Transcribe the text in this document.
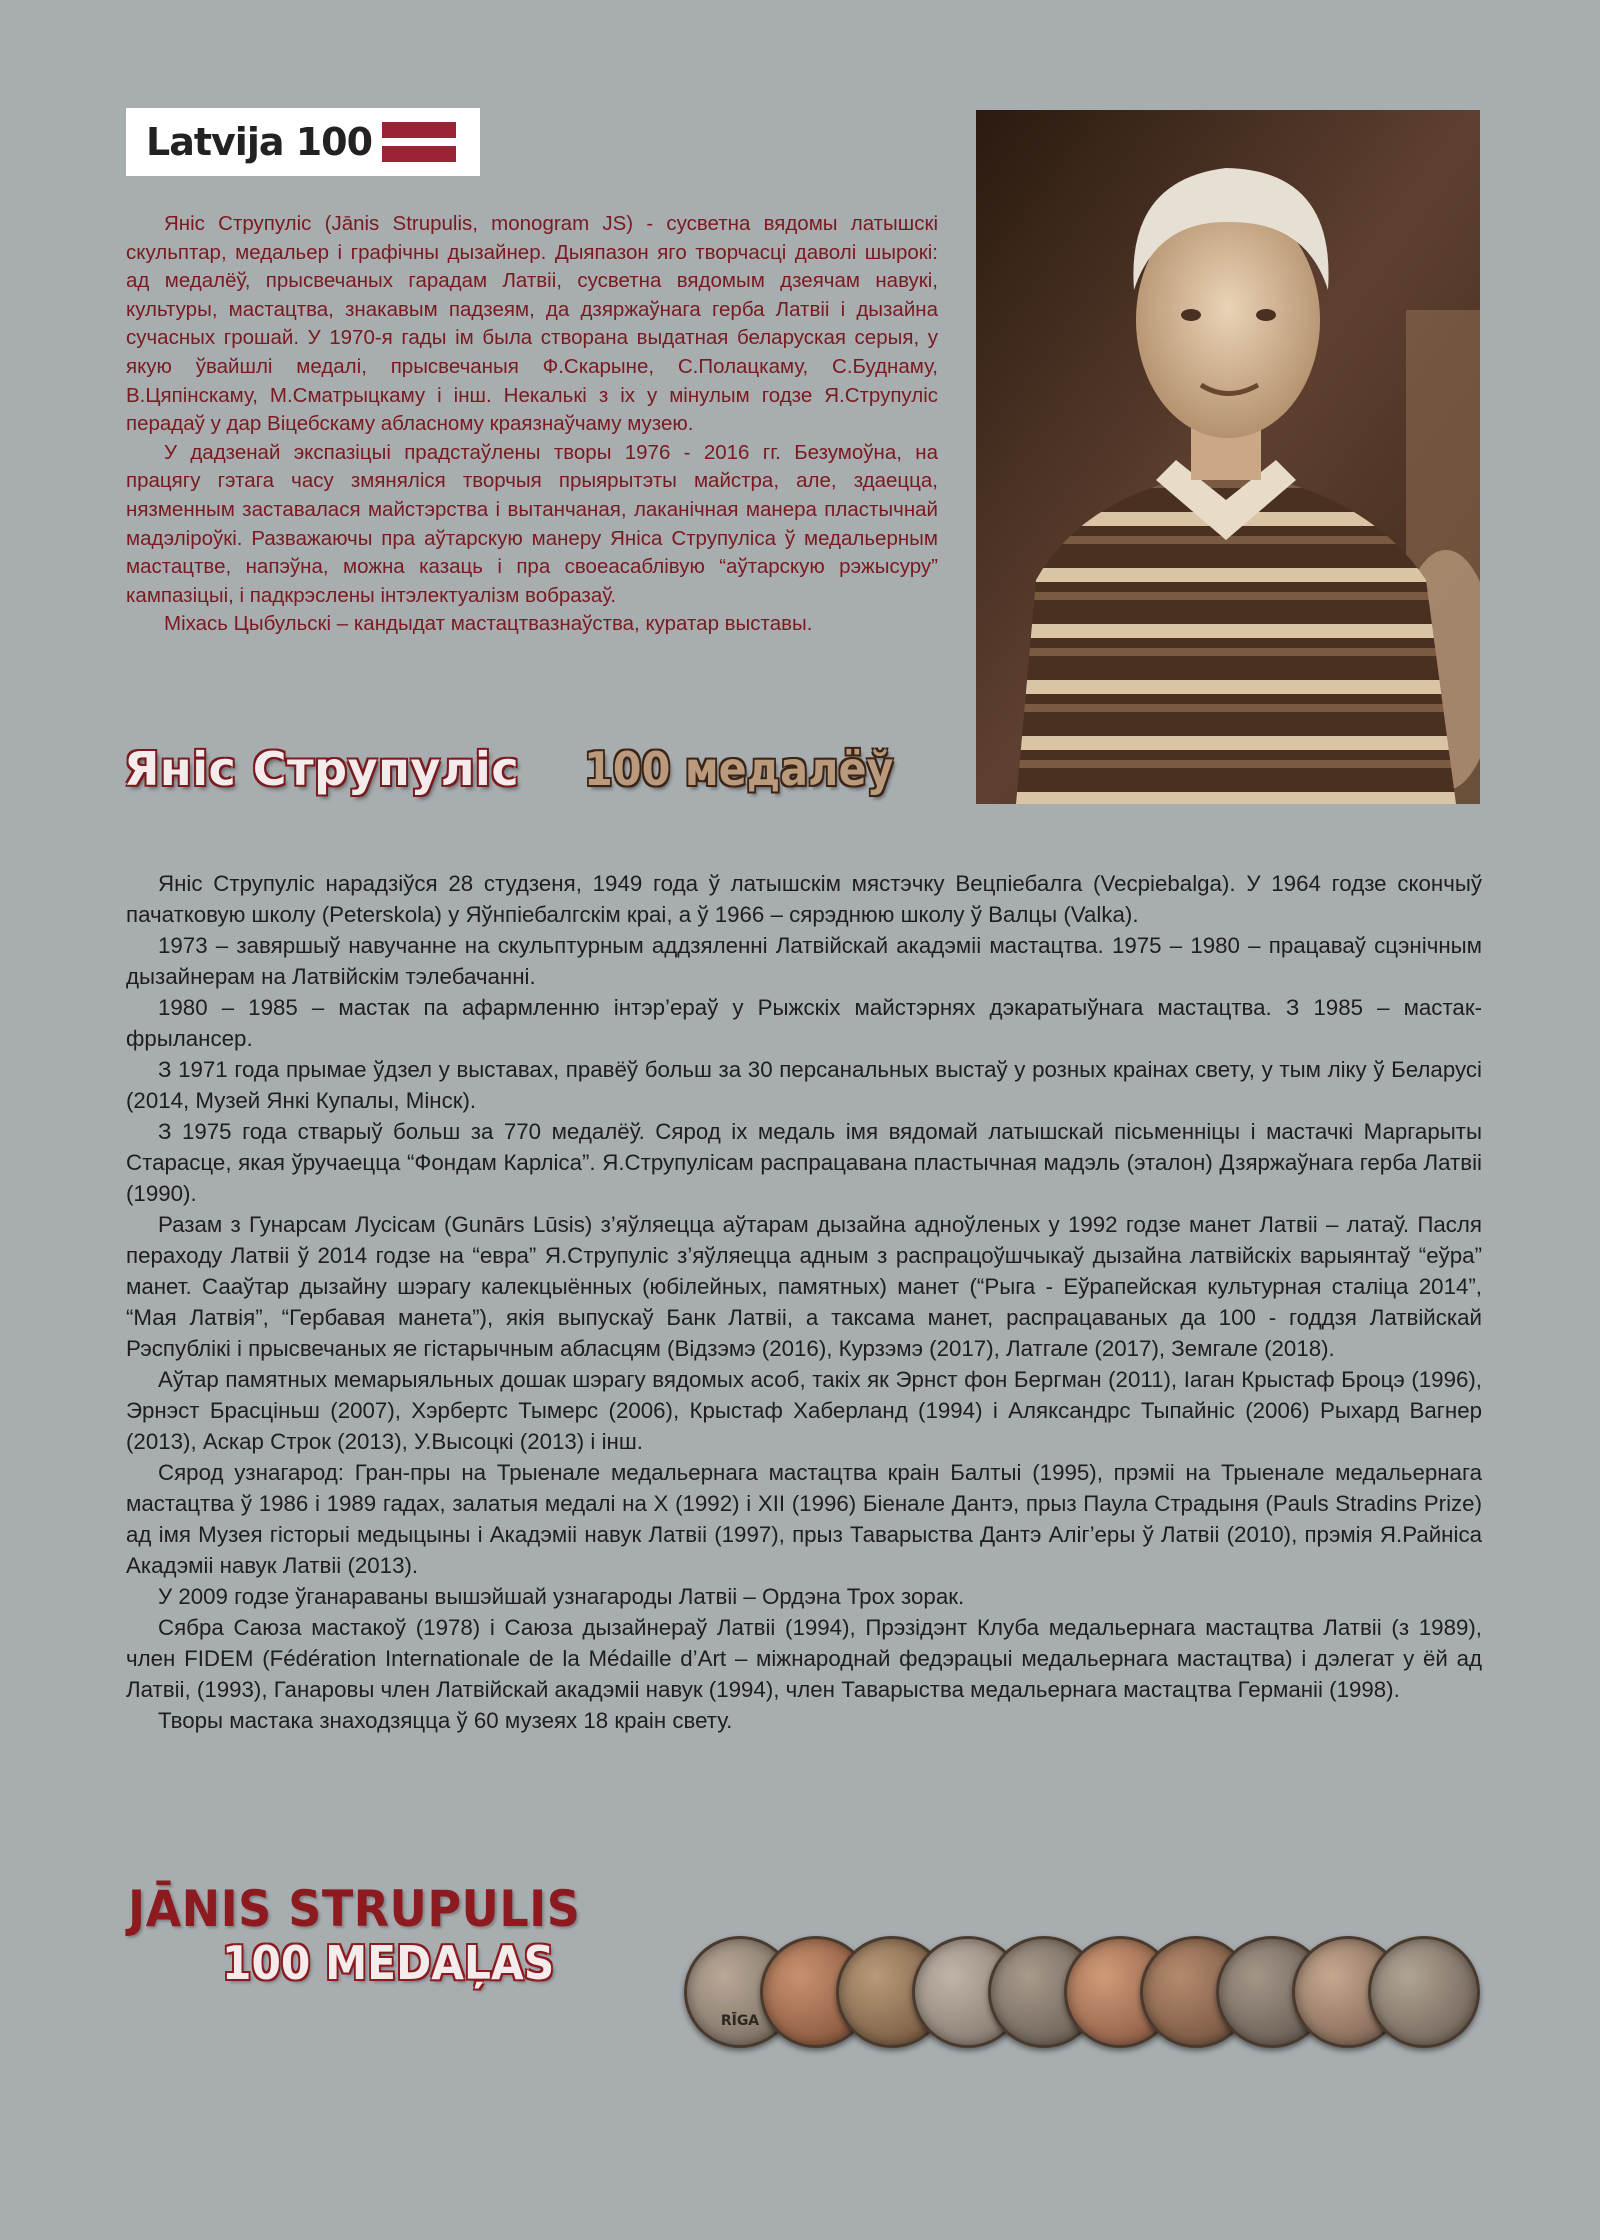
Latvija 100

Яніс Струпуліс (Jānis Strupulis, monogram JS) - сусветна вядомы латышскі скульптар, медальер і графічны дызайнер. Дыяпазон яго творчасці даволі шырокі: ад медалёў, прысвечаных гарадам Латвіі, сусветна вядомым дзеячам навукі, культуры, мастацтва, знакавым падзеям, да дзяржаўнага герба Латвіі і дызайна сучасных грошай. У 1970-я гады ім была створана выдатная беларуская серыя, у якую ўвайшлі медалі, прысвечаныя Ф.Скарыне, С.Полацкаму, С.Буднаму, В.Цяпінскаму, М.Сматрыцкаму і інш. Некалькі з іх у мінулым годзе Я.Струпуліс перадаў у дар Віцебскаму абласному краязнаўчаму музею.

У дадзенай экспазіцыі прадстаўлены творы 1976 - 2016 гг. Безумоўна, на працягу гэтага часу змяняліся творчыя прыярытэты майстра, але, здаецца, нязменным заставалася майстэрства і вытанчаная, лаканічная манера пластычнай мадэліроўкі. Разважаючы пра аўтарскую манеру Яніса Струпуліса ў медальерным мастацтве, напэўна, можна казаць і пра своеасаблівую “аўтарскую рэжысуру” кампазіцыі, і падкрэслены інтэлектуалізм вобразаў.

Міхась Цыбульскі – кандыдат мастацтвазнаўства, куратар выставы.

Яніс Струпуліс 100 медалёў

Яніс Струпуліс нарадзіўся 28 студзеня, 1949 года ў латышскім мястэчку Вецпіебалга (Vecpiebalga). У 1964 годзе скончыў пачатковую школу (Peterskola) у Яўнпіебалгскім краі, а ў 1966 – сярэднюю школу ў Валцы (Valka).

1973 – завяршыў навучанне на скульптурным аддзяленні Латвійскай акадэміі мастацтва. 1975 – 1980 – працаваў сцэнічным дызайнерам на Латвійскім тэлебачанні.

1980 – 1985 – мастак па афармленню інтэр’ераў у Рыжскіх майстэрнях дэкаратыўнага мастацтва. З 1985 – мастак-фрылансер.

З 1971 года прымае ўдзел у выставах, правёў больш за 30 персанальных выстаў у розных краінах свету, у тым ліку ў Беларусі (2014, Музей Янкі Купалы, Мінск).

З 1975 года стварыў больш за 770 медалёў. Сярод іх медаль імя вядомай латышскай пісьменніцы і мастачкі Маргарыты Старасце, якая ўручаецца “Фондам Карліса”. Я.Струпулісам распрацавана пластычная мадэль (эталон) Дзяржаўнага герба Латвіі (1990).

Разам з Гунарсам Лусісам (Gunārs Lūsis) з’яўляецца аўтарам дызайна адноўленых у 1992 годзе манет Латвіі – латаў. Пасля пераходу Латвіі ў 2014 годзе на “евра” Я.Струпуліс з’яўляецца адным з распрацоўшчыкаў дызайна латвійскіх варыянтаў “еўра” манет. Сааўтар дызайну шэрагу калекцыённых (юбілейных, памятных) манет (“Рыга - Еўрапейская культурная сталіца 2014”, “Мая Латвія”, “Гербавая манета”), якія выпускаў Банк Латвіі, а таксама манет, распрацаваных да 100 - годдзя Латвійскай Рэспублікі і прысвечаных яе гістарычным абласцям (Відзэмэ (2016), Курзэмэ (2017), Латгале (2017), Земгале (2018).

Аўтар памятных мемарыяльных дошак шэрагу вядомых асоб, такіх як Эрнст фон Бергман (2011), Іаган Крыстаф Броцэ (1996), Эрнэст Брасціньш (2007), Хэрбертс Тымерс (2006), Крыстаф Хаберланд (1994) і Аляксандрс Тыпайніс (2006) Рыхард Вагнер (2013), Аскар Строк (2013), У.Высоцкі (2013) і інш.

Сярод узнагарод: Гран-пры на Трыенале медальернага мастацтва краін Балтыі (1995), прэміі на Трыенале медальернага мастацтва ў 1986 і 1989 гадах, залатыя медалі на X (1992) і XII (1996) Біенале Дантэ, прыз Паула Страдыня (Pauls Stradins Prize) ад імя Музея гісторыі медыцыны і Акадэміі навук Латвіі (1997), прыз Таварыства Дантэ Аліг’еры ў Латвіі (2010), прэмія Я.Райніса Акадэміі навук Латвіі (2013).

У 2009 годзе ўганараваны вышэйшай узнагароды Латвіі – Ордэна Трох зорак.

Сябра Саюза мастакоў (1978) і Саюза дызайнераў Латвіі (1994), Прэзідэнт Клуба медальернага мастацтва Латвіі (з 1989), член FIDEM (Fédération Internationale de la Médaille d’Art – міжнароднай федэрацыі медальернага мастацтва) і дэлегат у ёй ад Латвіі, (1993), Ганаровы член Латвійскай акадэміі навук (1994), член Таварыства медальернага мастацтва Германіі (1998).

Творы мастака знаходзяцца ў 60 музеях 18 краін свету.

JĀNIS STRUPULIS
100 MEDAĻAS
RĪGA
